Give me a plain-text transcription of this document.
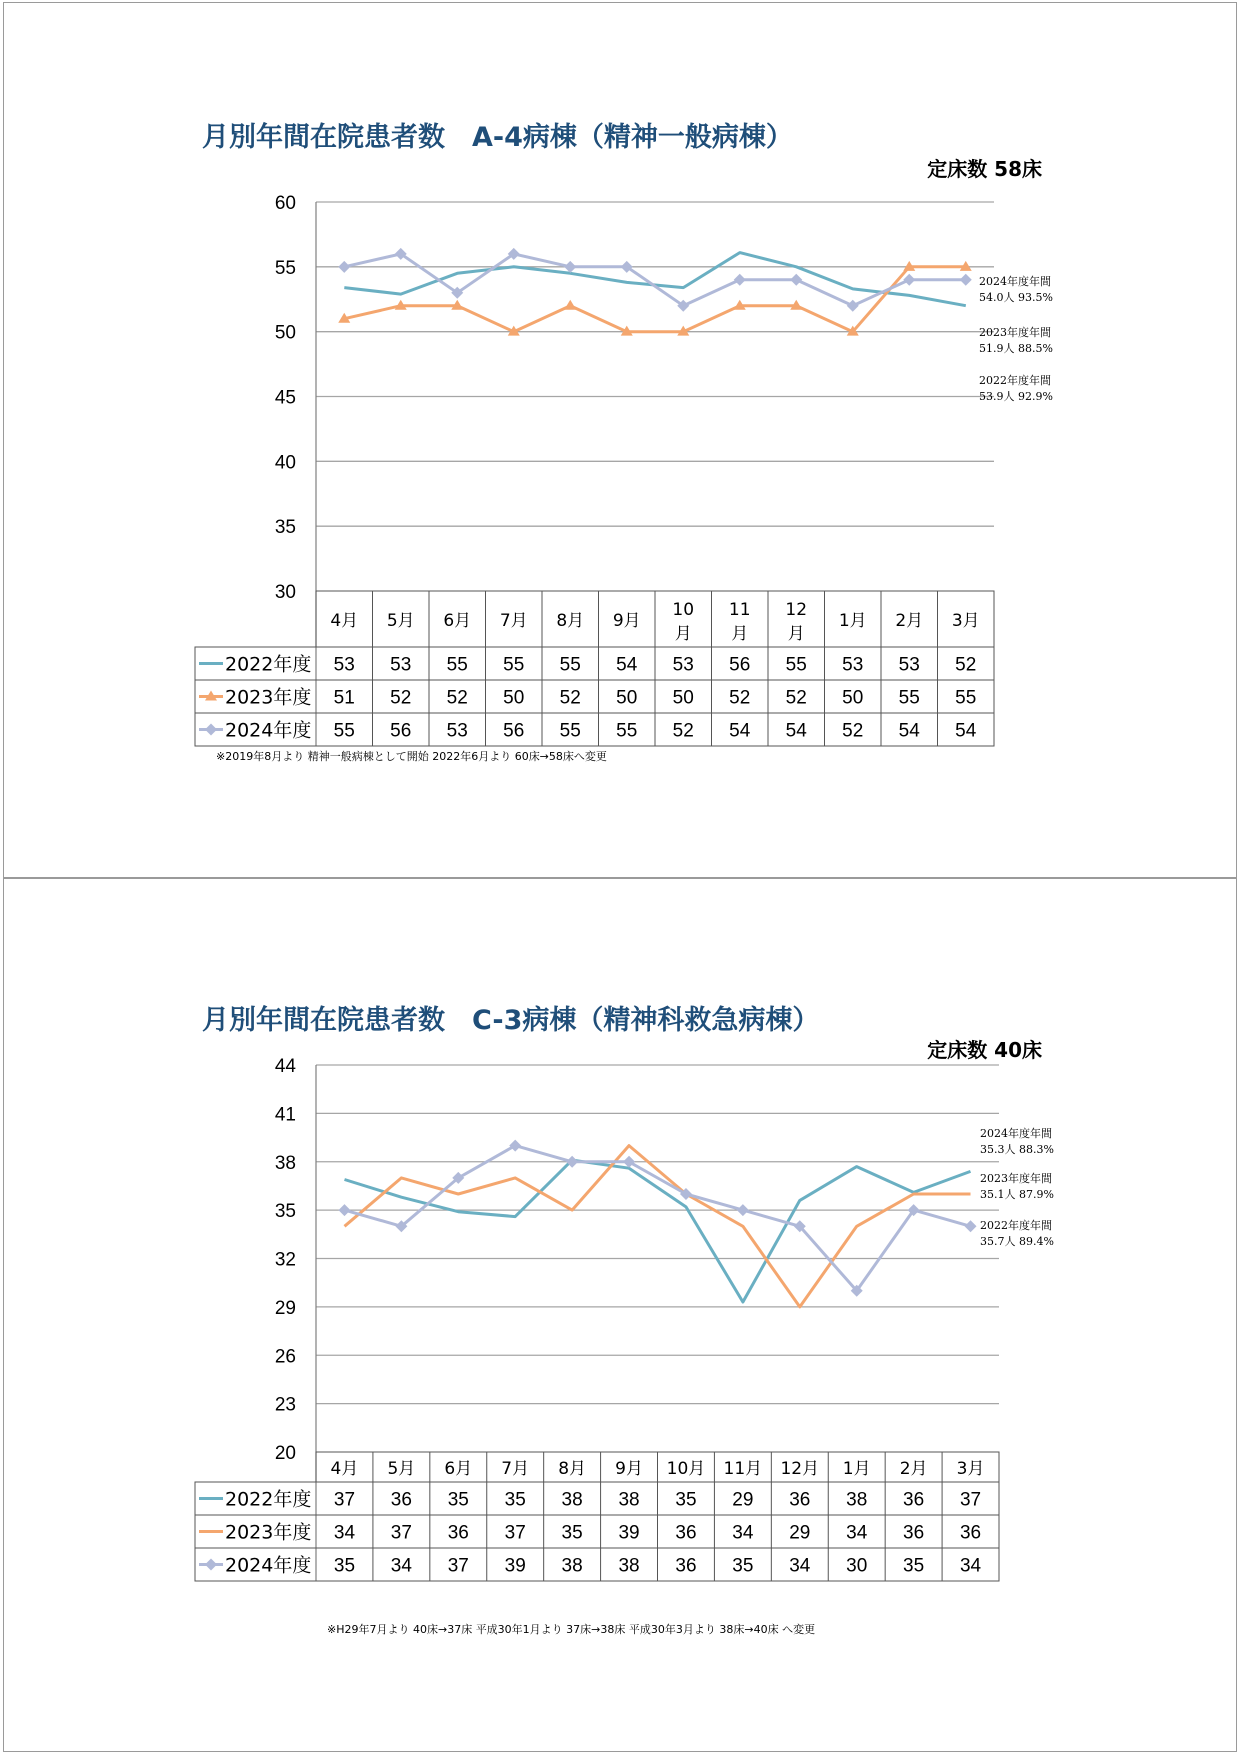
月別年間在院患者数　A-4病棟（精神一般病棟）
定床数 58床
30
35
40
45
50
55
60
4月 5月 6月 7月 8月 9月
10
月
11
月
12
月
1月 2月 3月
2022年度 53 53 55 55 55 54 53 56 55 53 53 52
2023年度 51 52 52 50 52 50 50 52 52 50 55 55
2024年度 55 56 53 56 55 55 52 54 54 52 54 54
2024年度年間
54.0人 93.5%
2023年度年間
51.9人 88.5%
2022年度年間
53.9人 92.9%
※2019年8月より 精神一般病棟として開始 2022年6月より 60床→58床へ変更
月別年間在院患者数　C-3病棟（精神科救急病棟）
定床数 40床
20
23
26
29
32
35
38
41
44
4月 5月 6月 7月 8月 9月 10月 11月 12月 1月 2月 3月
2022年度 37 36 35 35 38 38 35 29 36 38 36 37
2023年度 34 37 36 37 35 39 36 34 29 34 36 36
2024年度 35 34 37 39 38 38 36 35 34 30 35 34
2024年度年間
35.3人 88.3%
2023年度年間
35.1人 87.9%
2022年度年間
35.7人 89.4%
※H29年7月より 40床→37床 平成30年1月より 37床→38床 平成30年3月より 38床→40床 へ変更
